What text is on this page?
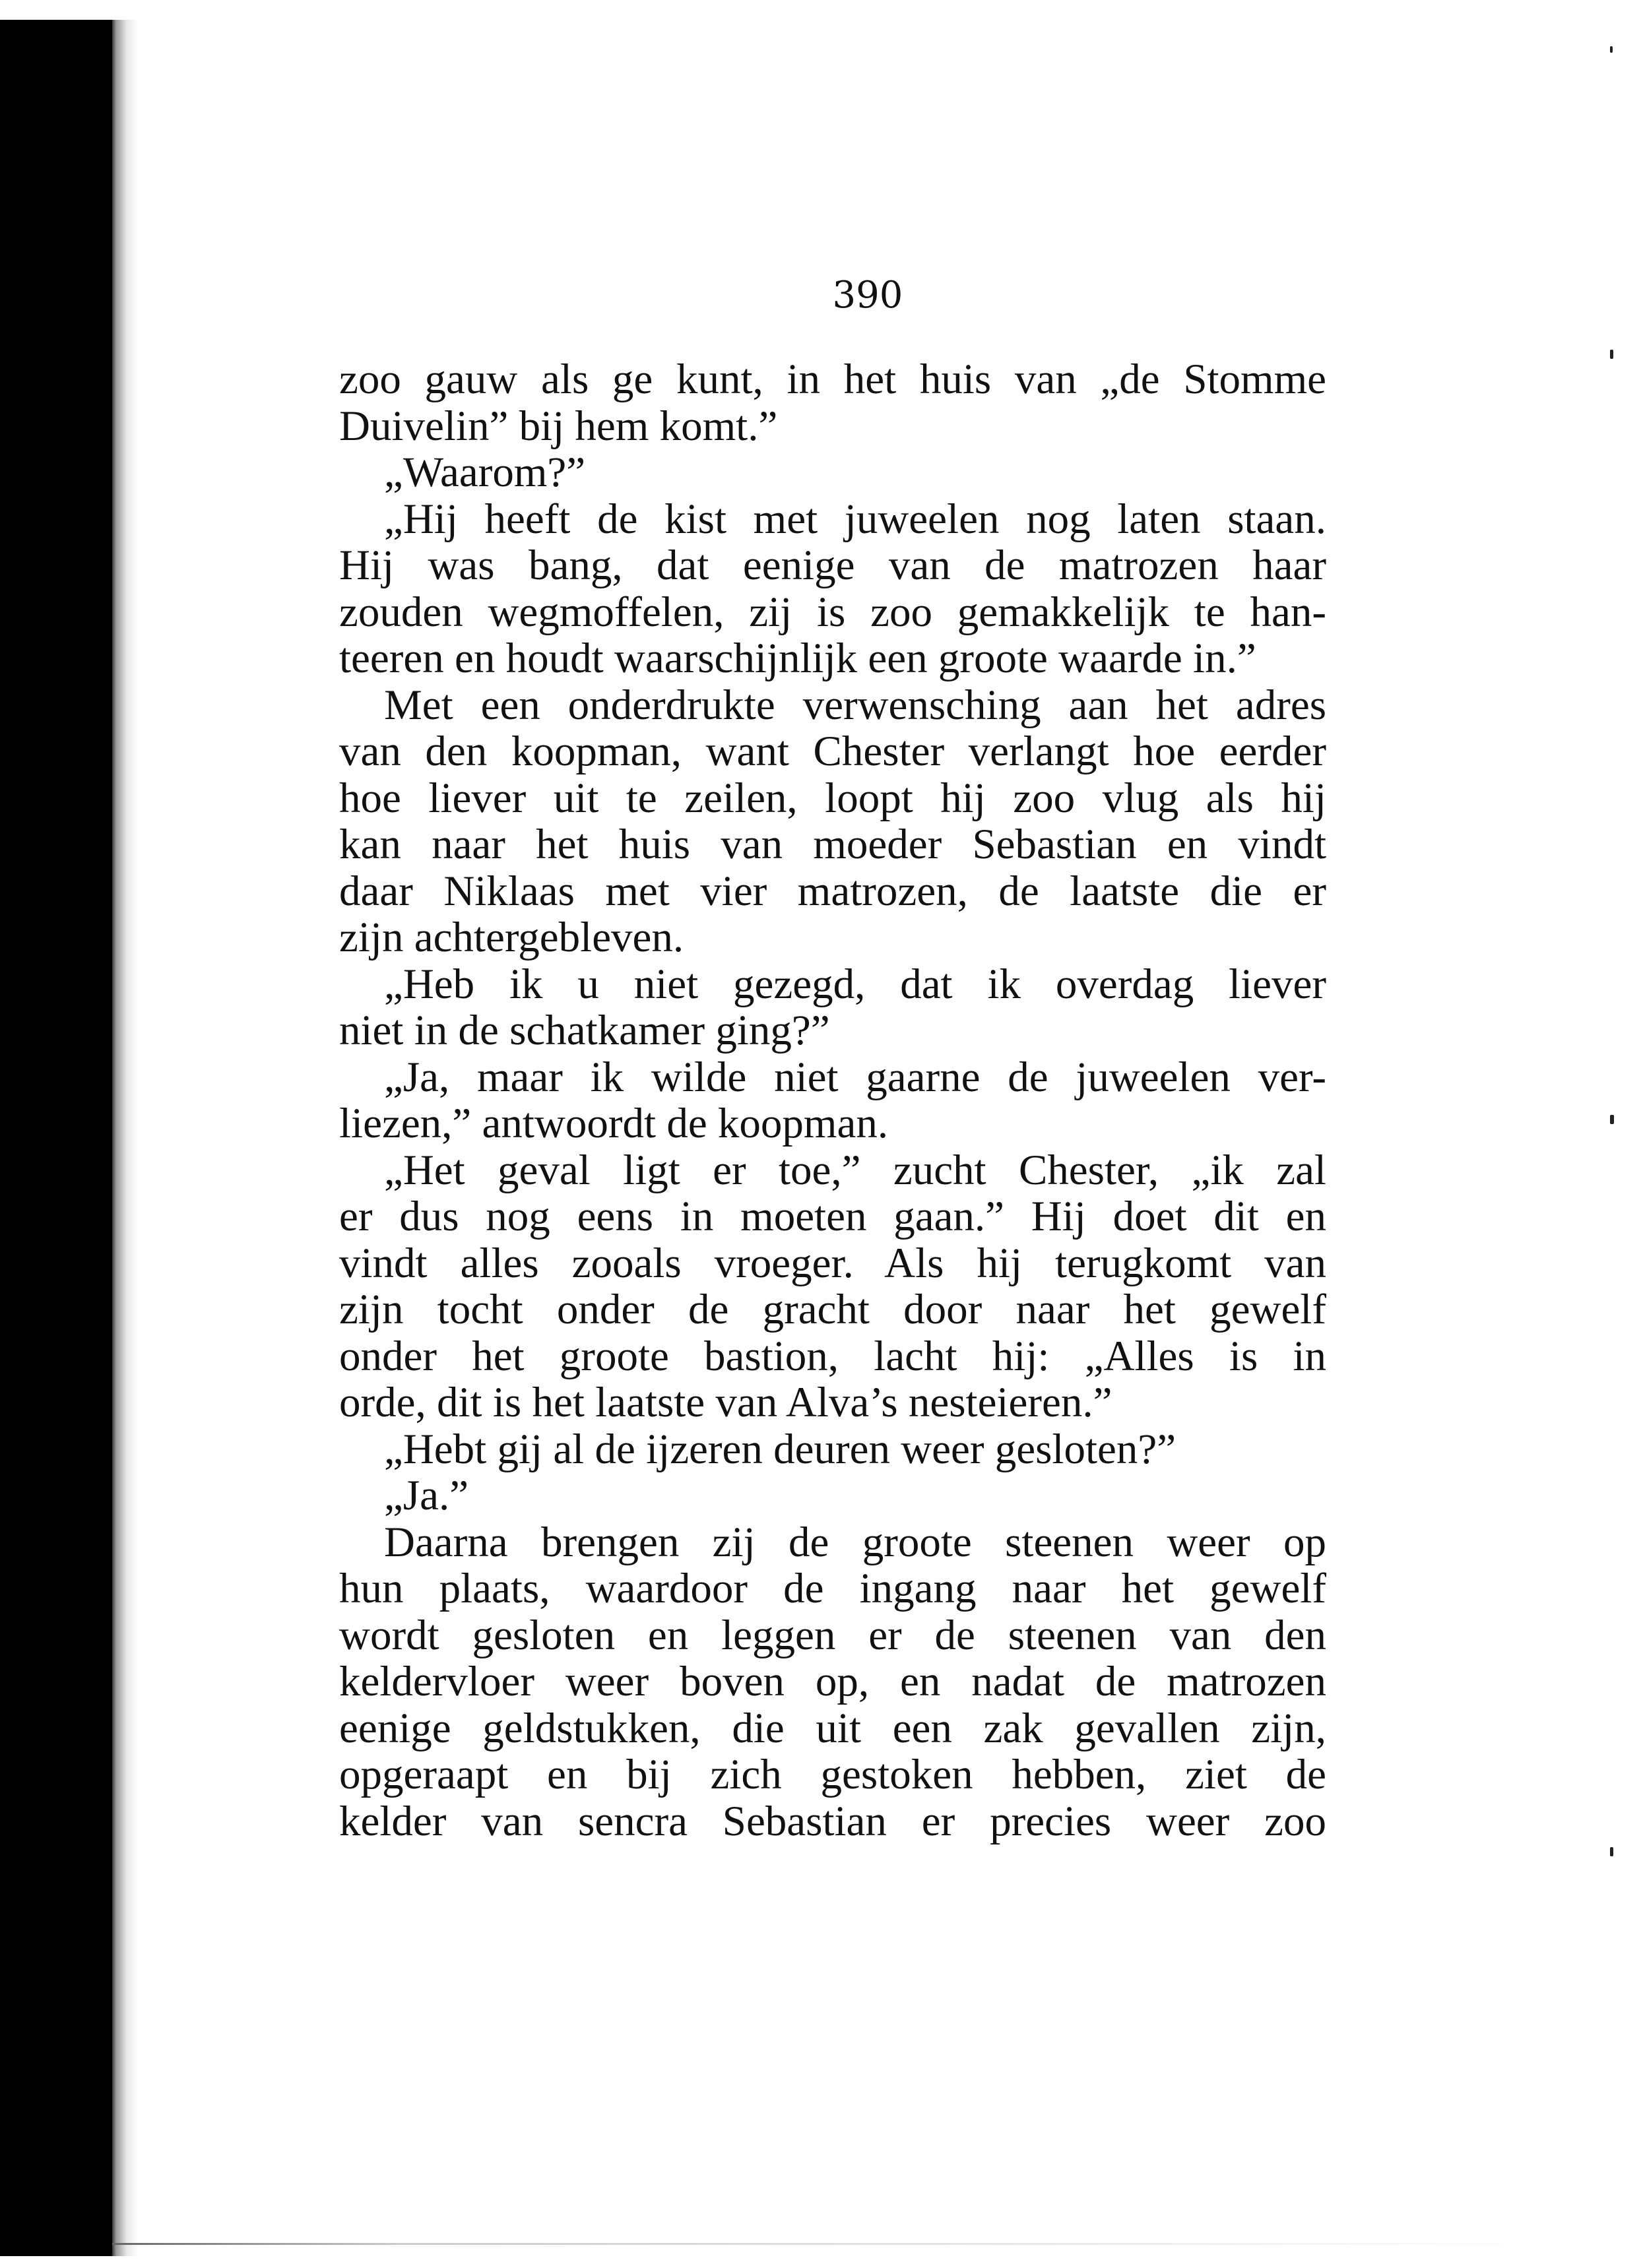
390
zoo gauw als ge kunt, in het huis van „de Stomme
Duivelin” bij hem komt.”
„Waarom?”
„Hij heeft de kist met juweelen nog laten staan.
Hij was bang, dat eenige van de matrozen haar
zouden wegmoffelen, zij is zoo gemakkelijk te han-
teeren en houdt waarschijnlijk een groote waarde in.”
Met een onderdrukte verwensching aan het adres
van den koopman, want Chester verlangt hoe eerder
hoe liever uit te zeilen, loopt hij zoo vlug als hij
kan naar het huis van moeder Sebastian en vindt
daar Niklaas met vier matrozen, de laatste die er
zijn achtergebleven.
„Heb ik u niet gezegd, dat ik overdag liever
niet in de schatkamer ging?”
„Ja, maar ik wilde niet gaarne de juweelen ver-
liezen,” antwoordt de koopman.
„Het geval ligt er toe,” zucht Chester, „ik zal
er dus nog eens in moeten gaan.” Hij doet dit en
vindt alles zooals vroeger. Als hij terugkomt van
zijn tocht onder de gracht door naar het gewelf
onder het groote bastion, lacht hij: „Alles is in
orde, dit is het laatste van Alva’s nesteieren.”
„Hebt gij al de ijzeren deuren weer gesloten?”
„Ja.”
Daarna brengen zij de groote steenen weer op
hun plaats, waardoor de ingang naar het gewelf
wordt gesloten en leggen er de steenen van den
keldervloer weer boven op, en nadat de matrozen
eenige geldstukken, die uit een zak gevallen zijn,
opgeraapt en bij zich gestoken hebben, ziet de
kelder van sencra Sebastian er precies weer zoo
